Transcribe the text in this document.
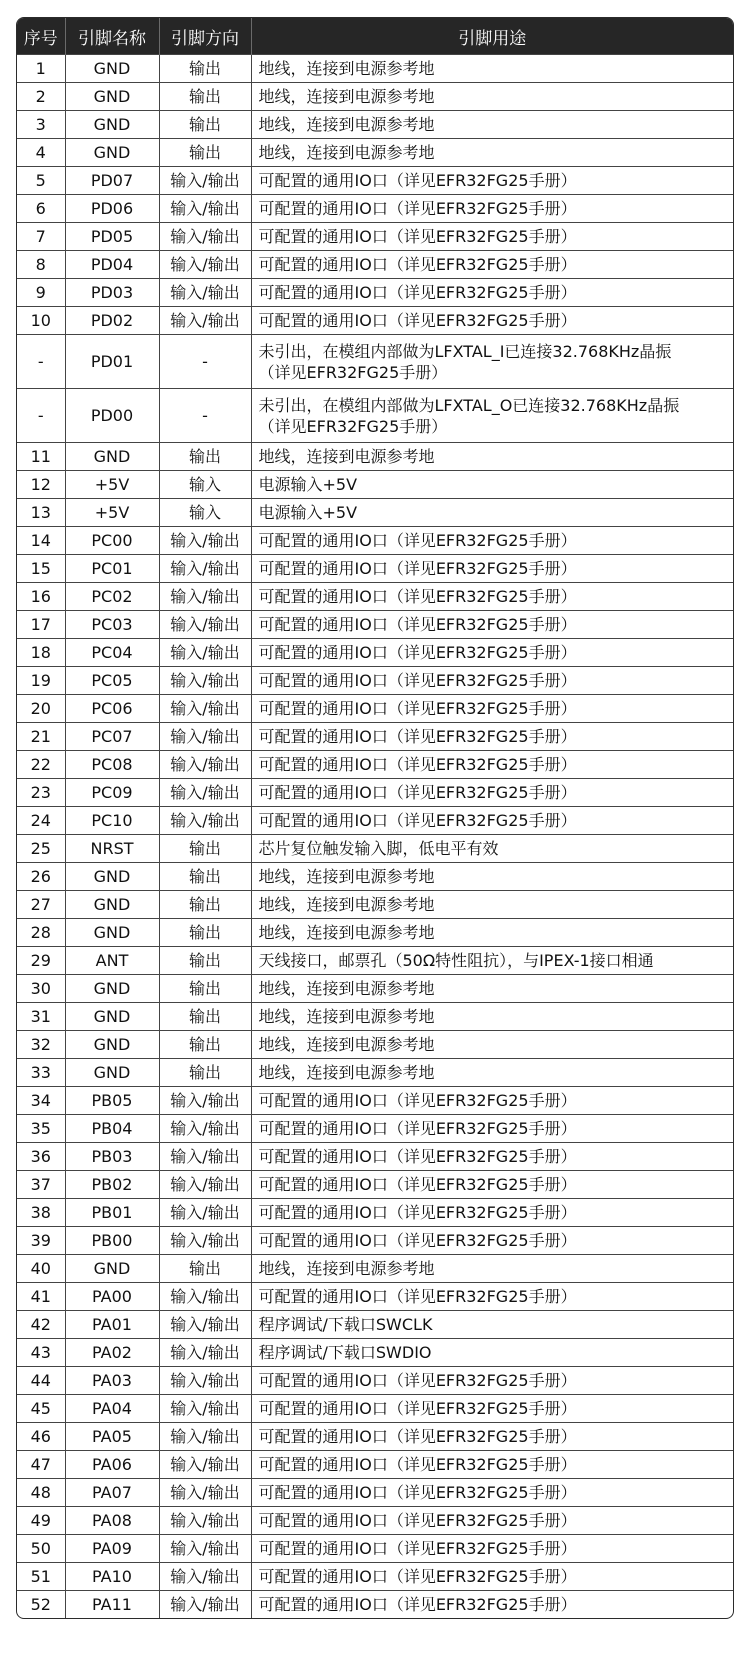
序号	引脚名称	引脚方向	引脚用途
1	GND	输出	地线，连接到电源参考地
2	GND	输出	地线，连接到电源参考地
3	GND	输出	地线，连接到电源参考地
4	GND	输出	地线，连接到电源参考地
5	PD07	输入/输出	可配置的通用IO口（详见EFR32FG25手册）
6	PD06	输入/输出	可配置的通用IO口（详见EFR32FG25手册）
7	PD05	输入/输出	可配置的通用IO口（详见EFR32FG25手册）
8	PD04	输入/输出	可配置的通用IO口（详见EFR32FG25手册）
9	PD03	输入/输出	可配置的通用IO口（详见EFR32FG25手册）
10	PD02	输入/输出	可配置的通用IO口（详见EFR32FG25手册）
-	PD01	-	未引出，在模组内部做为LFXTAL_I已连接32.768KHz晶振
（详见EFR32FG25手册）

-	PD00	-	未引出，在模组内部做为LFXTAL_O已连接32.768KHz晶振
（详见EFR32FG25手册）

11	GND	输出	地线，连接到电源参考地
12	+5V	输入	电源输入+5V
13	+5V	输入	电源输入+5V
14	PC00	输入/输出	可配置的通用IO口（详见EFR32FG25手册）
15	PC01	输入/输出	可配置的通用IO口（详见EFR32FG25手册）
16	PC02	输入/输出	可配置的通用IO口（详见EFR32FG25手册）
17	PC03	输入/输出	可配置的通用IO口（详见EFR32FG25手册）
18	PC04	输入/输出	可配置的通用IO口（详见EFR32FG25手册）
19	PC05	输入/输出	可配置的通用IO口（详见EFR32FG25手册）
20	PC06	输入/输出	可配置的通用IO口（详见EFR32FG25手册）
21	PC07	输入/输出	可配置的通用IO口（详见EFR32FG25手册）
22	PC08	输入/输出	可配置的通用IO口（详见EFR32FG25手册）
23	PC09	输入/输出	可配置的通用IO口（详见EFR32FG25手册）
24	PC10	输入/输出	可配置的通用IO口（详见EFR32FG25手册）
25	NRST	输出	芯片复位触发输入脚，低电平有效
26	GND	输出	地线，连接到电源参考地
27	GND	输出	地线，连接到电源参考地
28	GND	输出	地线，连接到电源参考地
29	ANT	输出	天线接口，邮票孔（50Ω特性阻抗），与IPEX-1接口相通
30	GND	输出	地线，连接到电源参考地
31	GND	输出	地线，连接到电源参考地
32	GND	输出	地线，连接到电源参考地
33	GND	输出	地线，连接到电源参考地
34	PB05	输入/输出	可配置的通用IO口（详见EFR32FG25手册）
35	PB04	输入/输出	可配置的通用IO口（详见EFR32FG25手册）
36	PB03	输入/输出	可配置的通用IO口（详见EFR32FG25手册）
37	PB02	输入/输出	可配置的通用IO口（详见EFR32FG25手册）
38	PB01	输入/输出	可配置的通用IO口（详见EFR32FG25手册）
39	PB00	输入/输出	可配置的通用IO口（详见EFR32FG25手册）
40	GND	输出	地线，连接到电源参考地
41	PA00	输入/输出	可配置的通用IO口（详见EFR32FG25手册）
42	PA01	输入/输出	程序调试/下载口SWCLK
43	PA02	输入/输出	程序调试/下载口SWDIO
44	PA03	输入/输出	可配置的通用IO口（详见EFR32FG25手册）
45	PA04	输入/输出	可配置的通用IO口（详见EFR32FG25手册）
46	PA05	输入/输出	可配置的通用IO口（详见EFR32FG25手册）
47	PA06	输入/输出	可配置的通用IO口（详见EFR32FG25手册）
48	PA07	输入/输出	可配置的通用IO口（详见EFR32FG25手册）
49	PA08	输入/输出	可配置的通用IO口（详见EFR32FG25手册）
50	PA09	输入/输出	可配置的通用IO口（详见EFR32FG25手册）
51	PA10	输入/输出	可配置的通用IO口（详见EFR32FG25手册）
52	PA11	输入/输出	可配置的通用IO口（详见EFR32FG25手册）
